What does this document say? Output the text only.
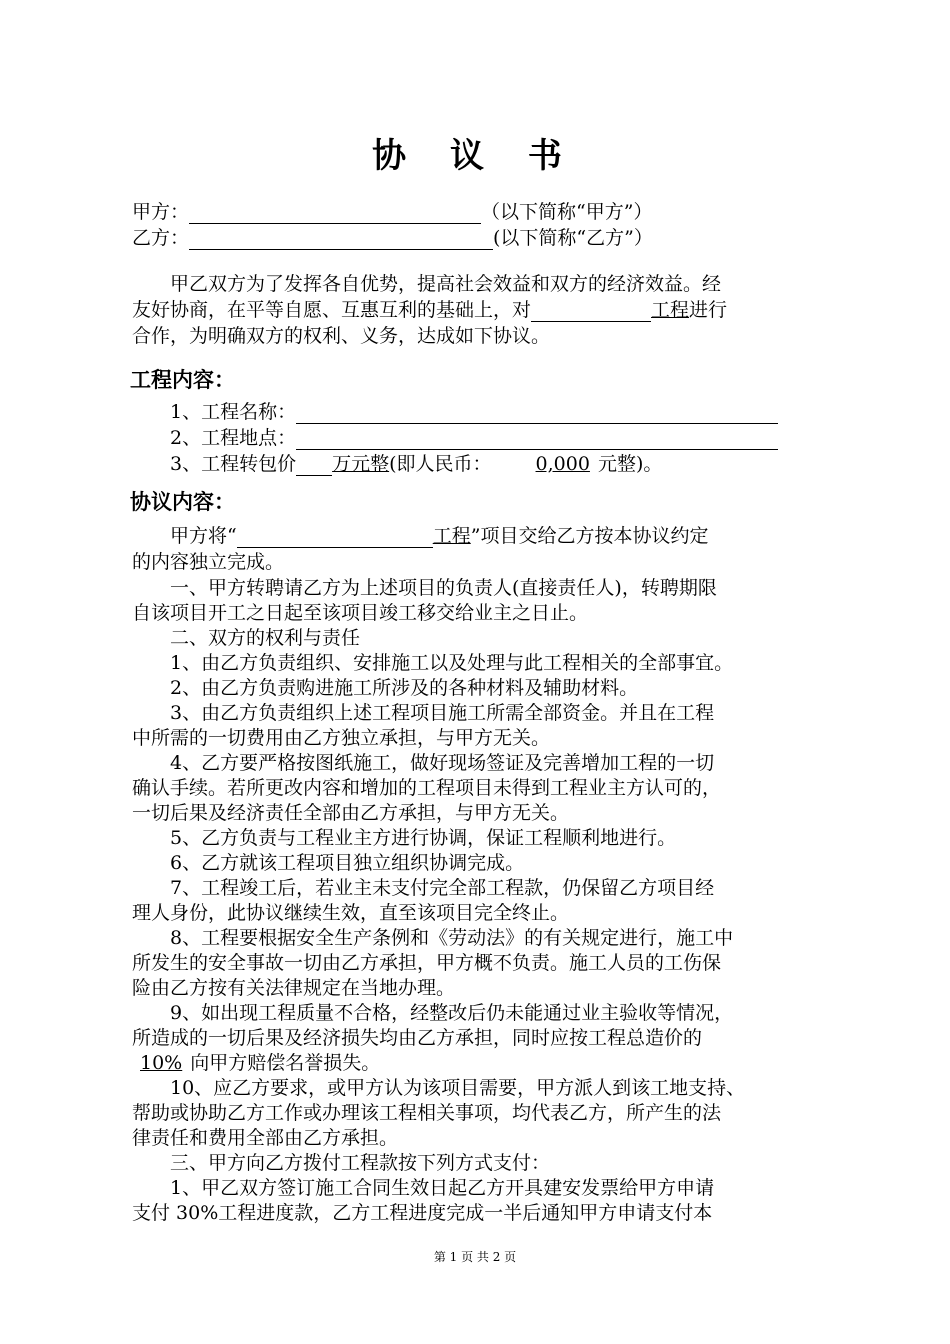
协 议 书
甲方：	（以下简称“甲方”）
乙方：	(以下简称“乙方”）
甲乙双方为了发挥各自优势，提高社会效益和双方的经济效益。经
友好协商，在平等自愿、互惠互利的基础上，对	工程进行
合作，为明确双方的权利、义务，达成如下协议。
工程内容：
1、工程名称：
2、工程地点：
3、工程转包价 万元整(即人民币： 0,000 元整)。
协议内容：
甲方将“	工程”项目交给乙方按本协议约定
的内容独立完成。
一、甲方转聘请乙方为上述项目的负责人(直接责任人)，转聘期限
自该项目开工之日起至该项目竣工移交给业主之日止。
二、双方的权利与责任
1、由乙方负责组织、安排施工以及处理与此工程相关的全部事宜。
2、由乙方负责购进施工所涉及的各种材料及辅助材料。
3、由乙方负责组织上述工程项目施工所需全部资金。并且在工程
中所需的一切费用由乙方独立承担，与甲方无关。
4、乙方要严格按图纸施工，做好现场签证及完善增加工程的一切
确认手续。若所更改内容和增加的工程项目未得到工程业主方认可的，
一切后果及经济责任全部由乙方承担，与甲方无关。
5、乙方负责与工程业主方进行协调，保证工程顺利地进行。
6、乙方就该工程项目独立组织协调完成。
7、工程竣工后，若业主未支付完全部工程款，仍保留乙方项目经
理人身份，此协议继续生效，直至该项目完全终止。
8、工程要根据安全生产条例和《劳动法》的有关规定进行，施工中
所发生的安全事故一切由乙方承担，甲方概不负责。施工人员的工伤保
险由乙方按有关法律规定在当地办理。
9、如出现工程质量不合格，经整改后仍未能通过业主验收等情况，
所造成的一切后果及经济损失均由乙方承担，同时应按工程总造价的
10% 向甲方赔偿名誉损失。
10、应乙方要求，或甲方认为该项目需要，甲方派人到该工地支持、
帮助或协助乙方工作或办理该工程相关事项，均代表乙方，所产生的法
律责任和费用全部由乙方承担。
三、甲方向乙方拨付工程款按下列方式支付：
1、甲乙双方签订施工合同生效日起乙方开具建安发票给甲方申请
支付 30%工程进度款，乙方工程进度完成一半后通知甲方申请支付本
第 1 页 共 2 页
